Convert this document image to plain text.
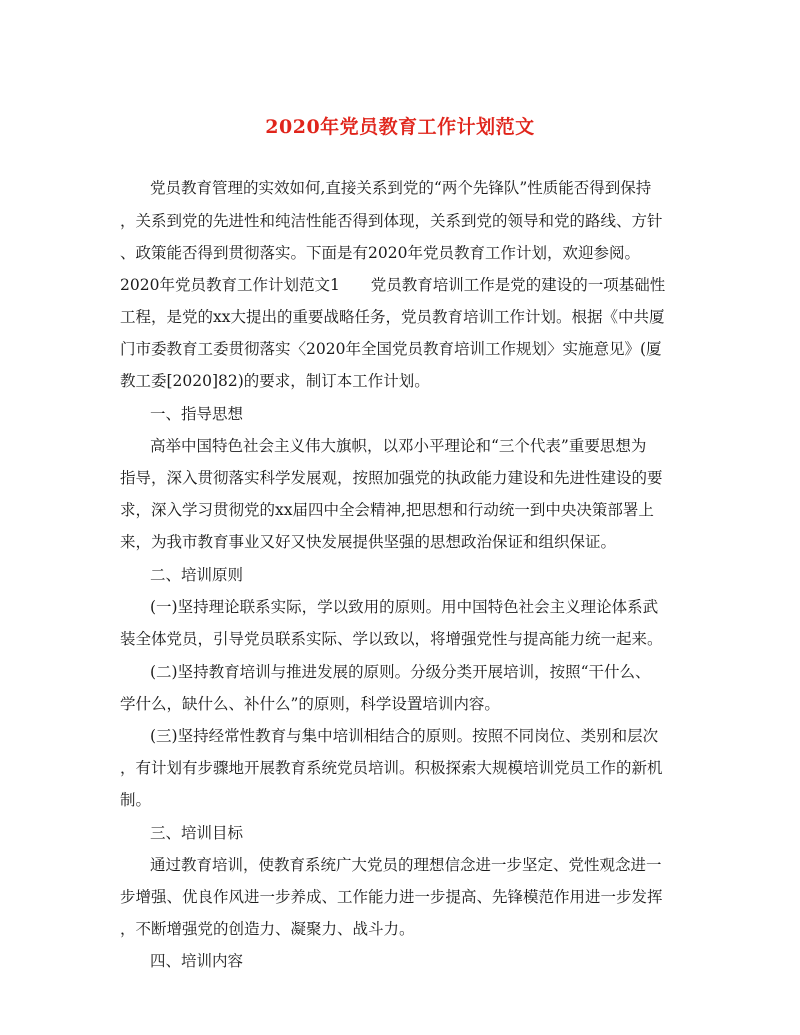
2020年党员教育工作计划范文
党员教育管理的实效如何,直接关系到党的“两个先锋队”性质能否得到保持
，关系到党的先进性和纯洁性能否得到体现，关系到党的领导和党的路线、方针
、政策能否得到贯彻落实。下面是有2020年党员教育工作计划，欢迎参阅。
2020年党员教育工作计划范文1　　党员教育培训工作是党的建设的一项基础性
工程，是党的xx大提出的重要战略任务，党员教育培训工作计划。根据《中共厦
门市委教育工委贯彻落实〈2020年全国党员教育培训工作规划〉实施意见》(厦
教工委[2020]82)的要求，制订本工作计划。
一、指导思想
高举中国特色社会主义伟大旗帜，以邓小平理论和“三个代表”重要思想为
指导，深入贯彻落实科学发展观，按照加强党的执政能力建设和先进性建设的要
求，深入学习贯彻党的xx届四中全会精神,把思想和行动统一到中央决策部署上
来，为我市教育事业又好又快发展提供坚强的思想政治保证和组织保证。
二、培训原则
(一)坚持理论联系实际，学以致用的原则。用中国特色社会主义理论体系武
装全体党员，引导党员联系实际、学以致以，将增强党性与提高能力统一起来。
(二)坚持教育培训与推进发展的原则。分级分类开展培训，按照“干什么、
学什么，缺什么、补什么”的原则，科学设置培训内容。
(三)坚持经常性教育与集中培训相结合的原则。按照不同岗位、类别和层次
，有计划有步骤地开展教育系统党员培训。积极探索大规模培训党员工作的新机
制。
三、培训目标
通过教育培训，使教育系统广大党员的理想信念进一步坚定、党性观念进一
步增强、优良作风进一步养成、工作能力进一步提高、先锋模范作用进一步发挥
，不断增强党的创造力、凝聚力、战斗力。
四、培训内容
